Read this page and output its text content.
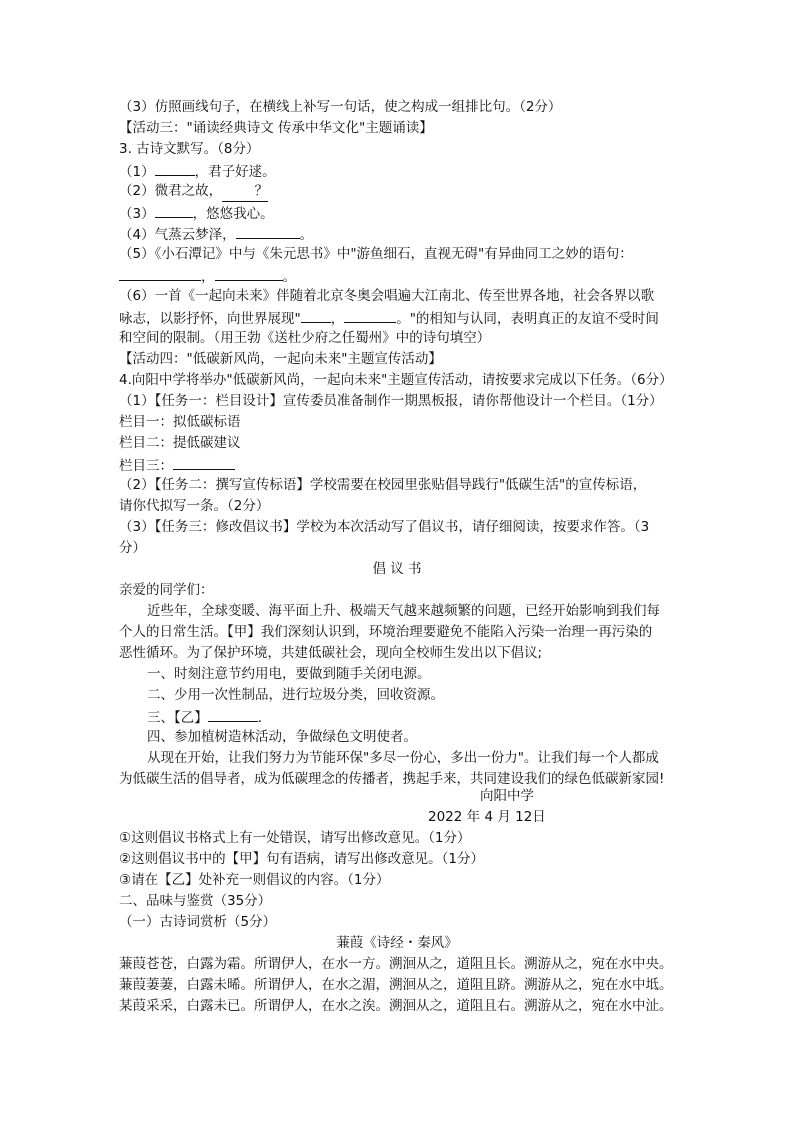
（3）仿照画线句子，在横线上补写一句话，使之构成一组排比句。（2分）
【活动三："诵读经典诗文 传承中华文化"主题诵读】
3. 古诗文默写。（8分）
（1）	，君子好逑。
（2）微君之故， ？
（3）	，悠悠我心。
（4）气蒸云梦泽，	。
（5）《小石潭记》中与《朱元思书》中"游鱼细石，直视无碍"有异曲同工之妙的语句：
，	。
（6）一首《一起向未来》伴随着北京冬奥会唱遍大江南北、传至世界各地，社会各界以歌
咏志，以影抒怀，向世界展现" ，	。"的相知与认同，表明真正的友谊不受时间
和空间的限制。（用王勃《送杜少府之任蜀州》中的诗句填空）
【活动四："低碳新风尚，一起向未来"主题宣传活动】
4.向阳中学将举办"低碳新风尚，一起向未来"主题宣传活动，请按要求完成以下任务。（6分）
（1）【任务一：栏目设计】宣传委员准备制作一期黑板报，请你帮他设计一个栏目。（1分）
栏目一：拟低碳标语
栏目二：提低碳建议
栏目三：
（2）【任务二：撰写宣传标语】学校需要在校园里张贴倡导践行"低碳生活"的宣传标语，
请你代拟写一条。（2分）
（3）【任务三：修改倡议书】学校为本次活动写了倡议书，请仔细阅读，按要求作答。（3
分）
倡 议 书
亲爱的同学们：
近些年，全球变暖、海平面上升、极端天气越来越频繁的问题，已经开始影响到我们每
个人的日常生活。【甲】我们深刻认识到，环境治理要避免不能陷入污染一治理一再污染的
恶性循环。为了保护环境，共建低碳社会，现向全校师生发出以下倡议;
一、时刻注意节约用电，要做到随手关闭电源。
二、少用一次性制品，进行垃圾分类，回收资源。
三、【乙】	.
四、参加植树造林活动，争做绿色文明使者。
从现在开始，让我们努力为节能环保"多尽一份心，多出一份力"。让我们每一个人都成
为低碳生活的倡导者，成为低碳理念的传播者，携起手来，共同建设我们的绿色低碳新家园!
向阳中学
2022 年 4 月 12日
①这则倡议书格式上有一处错误，请写出修改意见。（1分）
②这则倡议书中的【甲】句有语病，请写出修改意见。（1分）
③请在【乙】处补充一则倡议的内容。（1分）
二、品味与鉴赏（35分）
（一）古诗词赏析（5分）
蒹葭《诗经・秦风》
蒹葭苍苍，白露为霜。所谓伊人，在水一方。溯洄从之，道阻且长。溯游从之，宛在水中央。
蒹葭萋萋，白露未晞。所谓伊人，在水之湄，溯洄从之，道阻且跻。溯游从之，宛在水中坻。
某葭采采，白露未已。所谓伊人，在水之涘。溯洄从之，道阻且右。溯游从之，宛在水中沚。
